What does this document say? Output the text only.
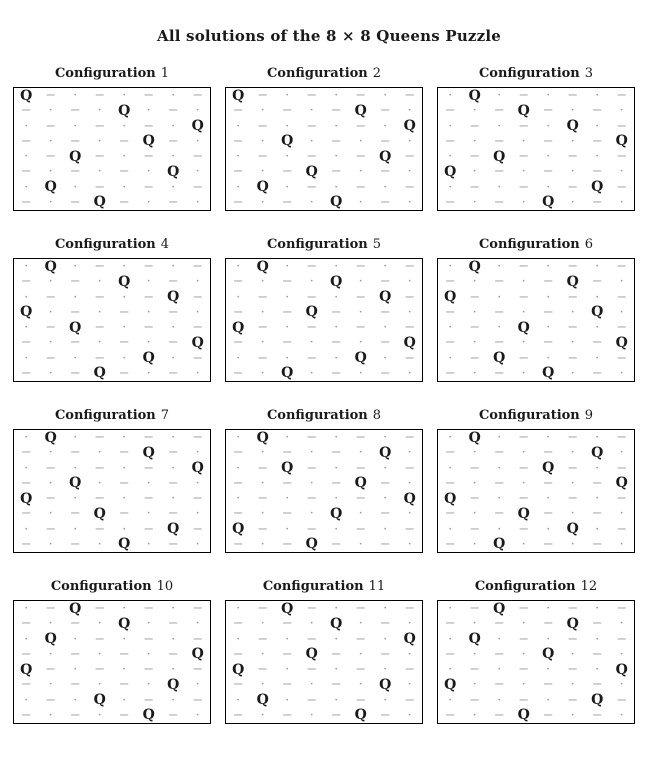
All solutions of the 8 × 8 Queens Puzzle
Configuration 1
Q −	·	−	·	−	·	−
−	·	−	·	Q	·	−	·
·	−	·	−	·	−	·	Q
−	·	−	·	− Q −	·
·	− Q −	·	−	·	−
−	·	−	·	−	·	Q	·
·	Q	·	−	·	−	·	−
−	·	− Q −	·	−	·
Configuration 2
Q −	·	−	·	−	·	−
−	·	−	·	− Q −	·
·	−	·	−	·	−	·	Q
−	·	Q	·	−	·	−	·
·	−	·	−	·	− Q −
−	·	− Q −	·	−	·
·	Q	·	−	·	−	·	−
−	·	−	·	Q	·	−	·
Configuration 3
·	Q	·	−	·	−	·	−
−	·	− Q −	·	−	·
·	−	·	−	·	Q	·	−
−	·	−	·	−	·	− Q
·	− Q −	·	−	·	−
Q	·	−	·	−	·	−	·
·	−	·	−	·	− Q −
−	·	−	·	Q	·	−	·
Configuration 4
·	Q	·	−	·	−	·	−
−	·	−	·	Q	·	−	·
·	−	·	−	·	− Q −
Q	·	−	·	−	·	−	·
·	− Q −	·	−	·	−
−	·	−	·	−	·	− Q
·	−	·	−	·	Q	·	−
−	·	− Q −	·	−	·
Configuration 5
·	Q	·	−	·	−	·	−
−	·	−	·	Q	·	−	·
·	−	·	−	·	− Q −
−	·	− Q −	·	−	·
Q −	·	−	·	−	·	−
−	·	−	·	−	·	− Q
·	−	·	−	·	Q	·	−
−	·	Q	·	−	·	−	·
Configuration 6
·	Q	·	−	·	−	·	−
−	·	−	·	− Q −	·
Q −	·	−	·	−	·	−
−	·	−	·	−	·	Q	·
·	−	·	Q	·	−	·	−
−	·	−	·	−	·	− Q
·	− Q −	·	−	·	−
−	·	−	·	Q	·	−	·
Configuration 7
·	Q	·	−	·	−	·	−
−	·	−	·	− Q −	·
·	−	·	−	·	−	·	Q
−	·	Q	·	−	·	−	·
Q −	·	−	·	−	·	−
−	·	− Q −	·	−	·
·	−	·	−	·	− Q −
−	·	−	·	Q	·	−	·
Configuration 8
·	Q	·	−	·	−	·	−
−	·	−	·	−	·	Q	·
·	− Q −	·	−	·	−
−	·	−	·	− Q −	·
·	−	·	−	·	−	·	Q
−	·	−	·	Q	·	−	·
Q −	·	−	·	−	·	−
−	·	− Q −	·	−	·
Configuration 9
·	Q	·	−	·	−	·	−
−	·	−	·	−	·	Q	·
·	−	·	− Q −	·	−
−	·	−	·	−	·	− Q
Q −	·	−	·	−	·	−
−	·	− Q −	·	−	·
·	−	·	−	·	Q	·	−
−	·	Q	·	−	·	−	·
Configuration 10
·	− Q −	·	−	·	−
−	·	−	·	Q	·	−	·
·	Q	·	−	·	−	·	−
−	·	−	·	−	·	− Q
Q −	·	−	·	−	·	−
−	·	−	·	−	·	Q	·
·	−	·	Q	·	−	·	−
−	·	−	·	− Q −	·
Configuration 11
·	− Q −	·	−	·	−
−	·	−	·	Q	·	−	·
·	−	·	−	·	−	·	Q
−	·	− Q −	·	−	·
Q −	·	−	·	−	·	−
−	·	−	·	−	·	Q	·
·	Q	·	−	·	−	·	−
−	·	−	·	− Q −	·
Configuration 12
·	− Q −	·	−	·	−
−	·	−	·	− Q −	·
·	Q	·	−	·	−	·	−
−	·	−	·	Q	·	−	·
·	−	·	−	·	−	·	Q
Q	·	−	·	−	·	−	·
·	−	·	−	·	− Q −
−	·	− Q −	·	−	·
